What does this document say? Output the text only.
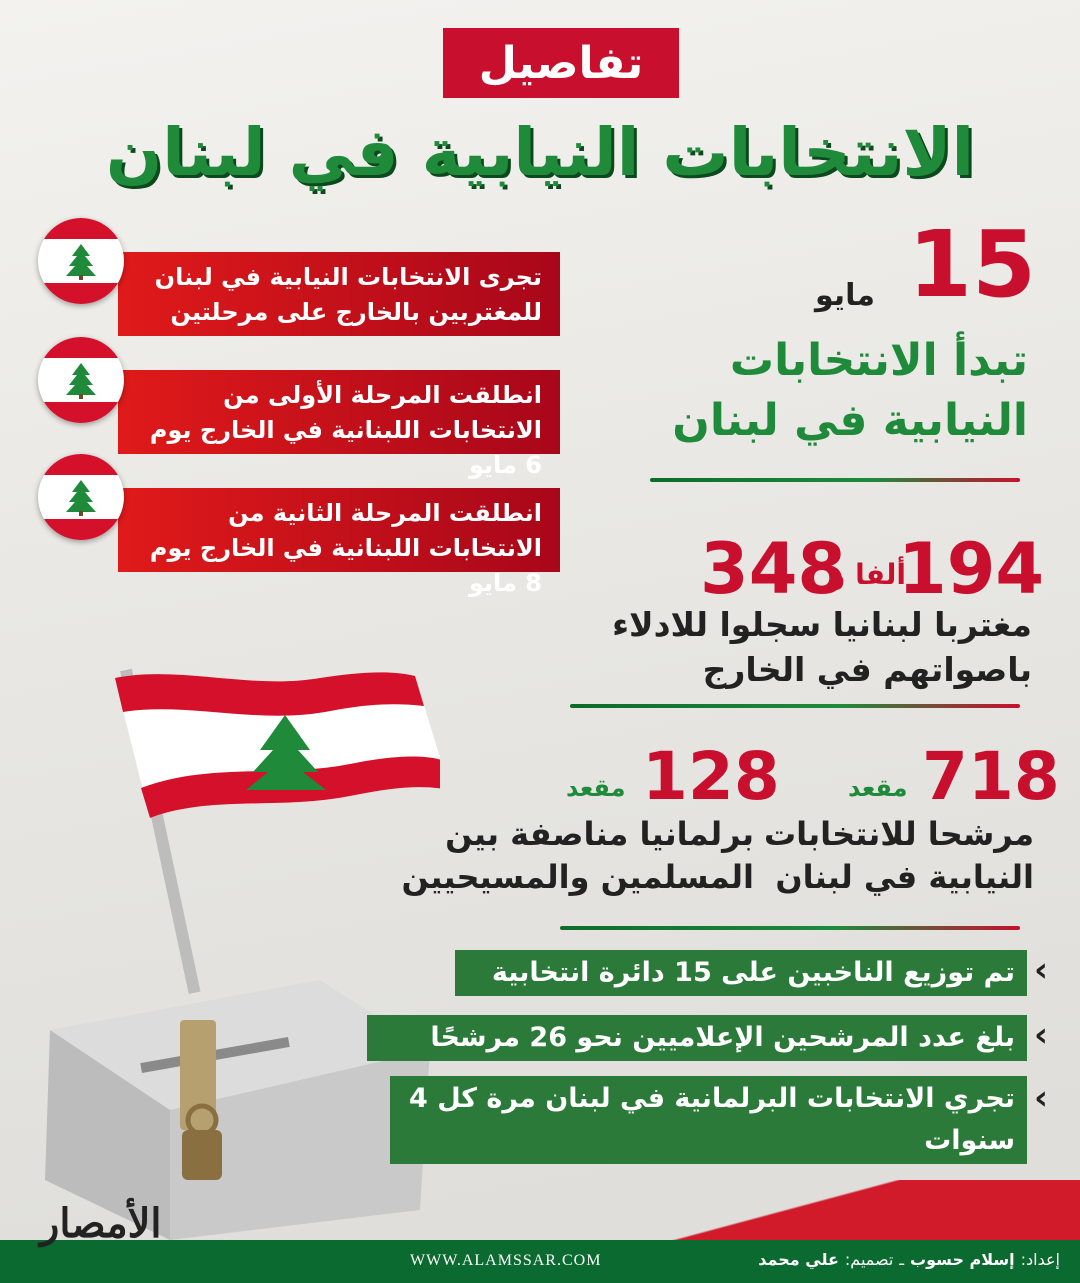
تفاصيل
الانتخابات النيابية في لبنان
تجرى الانتخابات النيابية في لبنان للمغتربين بالخارج على مرحلتين
انطلقت المرحلة الأولى من الانتخابات اللبنانية في الخارج يوم 6 مايو
انطلقت المرحلة الثانية من الانتخابات اللبنانية في الخارج يوم 8 مايو
15
مايو
تبدأ الانتخابات
النيابية في لبنان
194
ألفا و
348
مغتربا لبنانيا سجلوا للادلاء
باصواتهم في الخارج
718
مقعد
مرشحا للانتخابات
النيابية في لبنان
128
مقعد
برلمانيا مناصفة بين
المسلمين والمسيحيين
تم توزيع الناخبين على 15 دائرة انتخابية ‹
بلغ عدد المرشحين الإعلاميين نحو 26 مرشحًا ‹
تجري الانتخابات البرلمانية في لبنان مرة كل 4 سنوات
‹
الأمصار
WWW.ALAMSSAR.COM	إعداد:
إسلام حسوب
ـ
تصميم:
علي محمد
